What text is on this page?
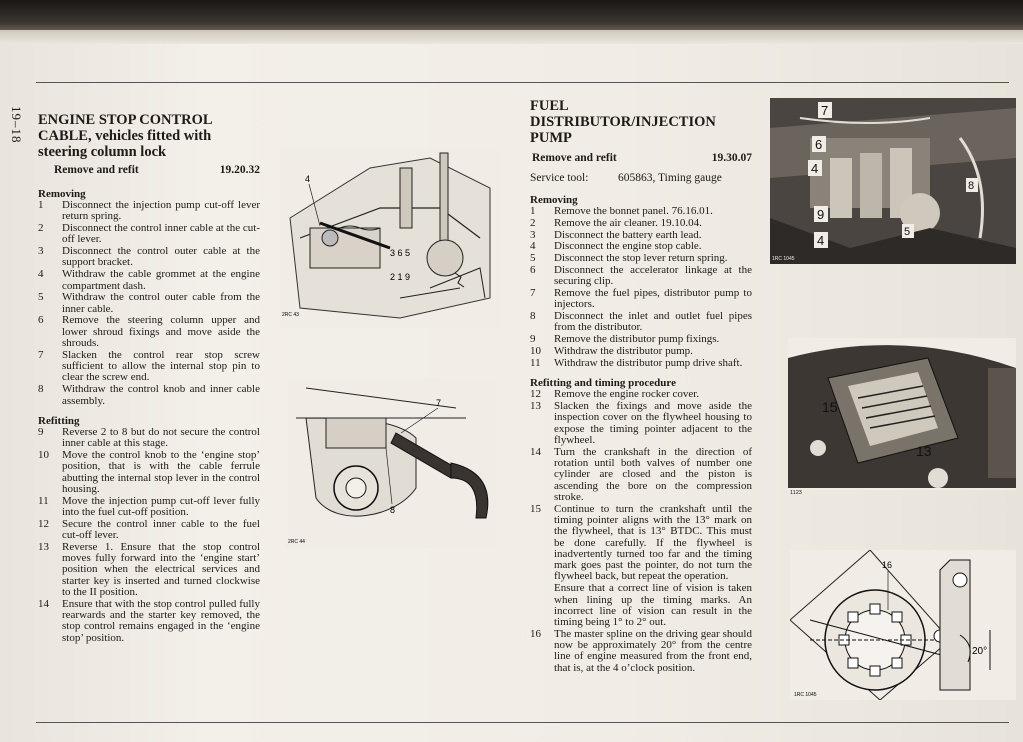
19–18 ENGINE STOP CONTROL CABLE, vehicles fitted with steering column lock
Remove and refit	19.20.32
Removing
1	Disconnect the injection pump cut-off lever return spring.
2	Disconnect the control inner cable at the cut-off lever.
3	Disconnect the control outer cable at the support bracket.
4	Withdraw the cable grommet at the engine compartment dash.
5	Withdraw the control outer cable from the inner cable.
6	Remove the steering column upper and lower shroud fixings and move aside the shrouds.
7	Slacken the control rear stop screw sufficient to allow the internal stop pin to clear the screw end.
8	Withdraw the control knob and inner cable assembly.
Refitting
9	Reverse 2 to 8 but do not secure the control inner cable at this stage.
10	Move the control knob to the ‘engine stop’ position, that is with the cable ferrule abutting the internal stop lever in the control housing.
11	Move the injection pump cut-off lever fully into the fuel cut-off position.
12	Secure the control inner cable to the fuel cut-off lever.
13	Reverse 1. Ensure that the stop control moves fully forward into the ‘engine start’ position when the electrical services and starter key is inserted and turned clockwise to the II position.
14	Ensure that with the stop control pulled fully rearwards and the starter key removed, the stop control remains engaged in the ‘engine stop’ position.
4
3 6 5
2 1 9
2RC 43
7
8
2RC 44
FUEL DISTRIBUTOR/INJECTION PUMP
Remove and refit	19.30.07
Service tool:	605863, Timing gauge
Removing
1	Remove the bonnet panel. 76.16.01.
2	Remove the air cleaner. 19.10.04.
3	Disconnect the battery earth lead.
4	Disconnect the engine stop cable.
5	Disconnect the stop lever return spring.
6	Disconnect the accelerator linkage at the securing clip.
7	Remove the fuel pipes, distributor pump to injectors.
8	Disconnect the inlet and outlet fuel pipes from the distributor.
9	Remove the distributor pump fixings.
10	Withdraw the distributor pump.
11	Withdraw the distributor pump drive shaft.
Refitting and timing procedure
12	Remove the engine rocker cover.
13	Slacken the fixings and move aside the inspection cover on the flywheel housing to expose the timing pointer adjacent to the flywheel.
14	Turn the crankshaft in the direction of rotation until both valves of number one cylinder are closed and the piston is ascending the bore on the compression stroke.
15	Continue to turn the crankshaft until the timing pointer aligns with the 13° mark on the flywheel, that is 13° BTDC. This must be done carefully. If the flywheel is inadvertently turned too far and the timing mark goes past the pointer, do not turn the flywheel back, but repeat the operation.
Ensure that a correct line of vision is taken when lining up the timing marks. An incorrect line of vision can result in the timing being 1° to 2° out.
16	The master spline on the driving gear should now be approximately 20° from the centre line of engine measured from the front end, that is, at the 4 o’clock position.
7
6
4
9
4
5
8
1RC 1045
15
13
1123
16
20°
1RC 1045
